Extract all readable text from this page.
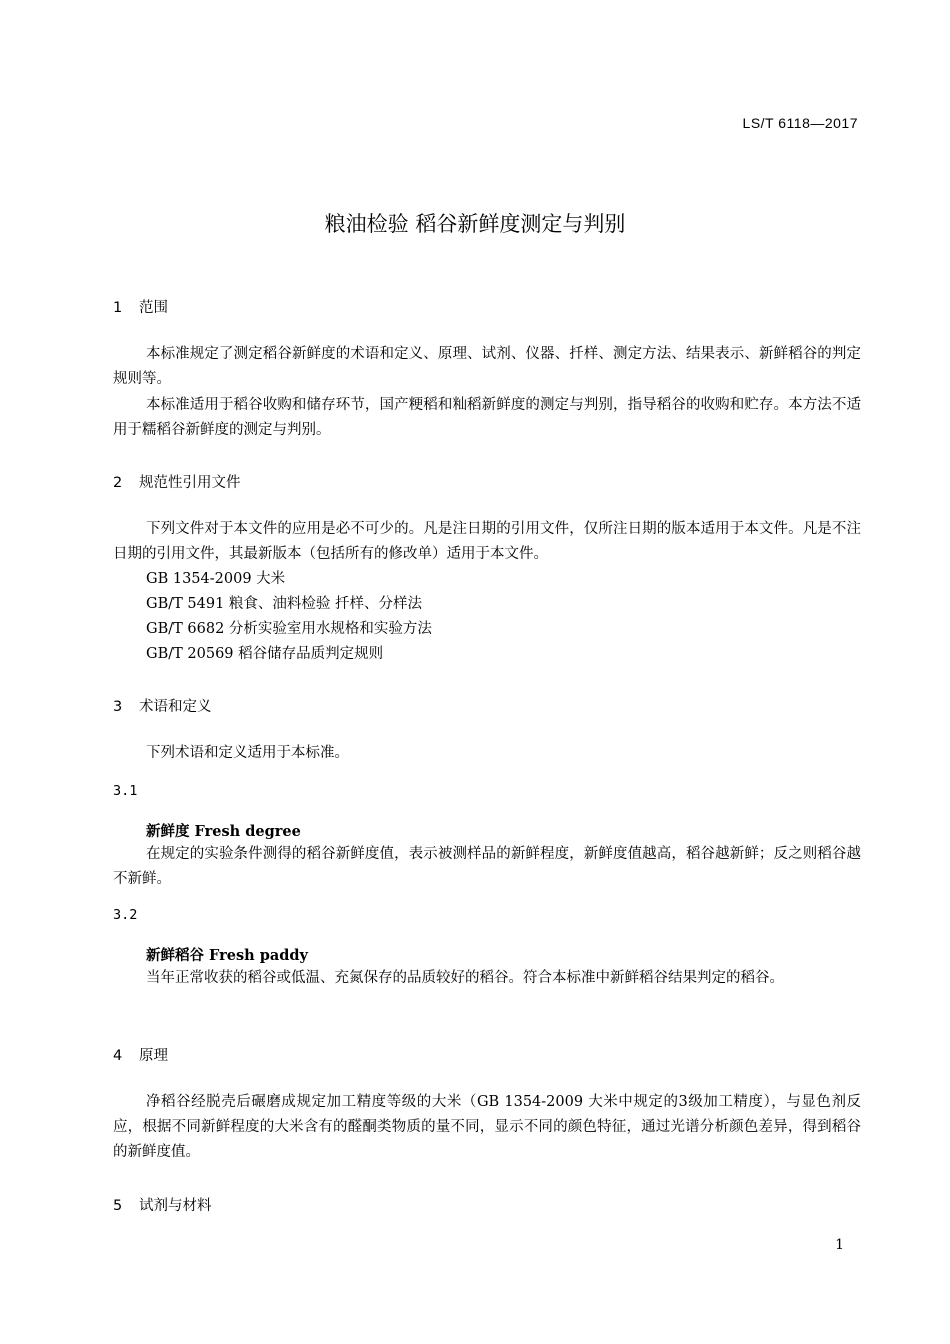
LS/T 6118—2017
粮油检验 稻谷新鲜度测定与判别
1 范围
本标准规定了测定稻谷新鲜度的术语和定义、原理、试剂、仪器、扦样、测定方法、结果表示、新鲜稻谷的判定规则等。
本标准适用于稻谷收购和储存环节，国产粳稻和籼稻新鲜度的测定与判别，指导稻谷的收购和贮存。本方法不适用于糯稻谷新鲜度的测定与判别。
2 规范性引用文件
下列文件对于本文件的应用是必不可少的。凡是注日期的引用文件，仅所注日期的版本适用于本文件。凡是不注日期的引用文件，其最新版本（包括所有的修改单）适用于本文件。
GB 1354-2009 大米
GB/T 5491 粮食、油料检验 扦样、分样法
GB/T 6682 分析实验室用水规格和实验方法
GB/T 20569 稻谷储存品质判定规则
3 术语和定义
下列术语和定义适用于本标准。
3.1
新鲜度 Fresh degree
在规定的实验条件测得的稻谷新鲜度值，表示被测样品的新鲜程度，新鲜度值越高，稻谷越新鲜；反之则稻谷越不新鲜。
3.2
新鲜稻谷 Fresh paddy
当年正常收获的稻谷或低温、充氮保存的品质较好的稻谷。符合本标准中新鲜稻谷结果判定的稻谷。
4 原理
净稻谷经脱壳后碾磨成规定加工精度等级的大米（GB 1354-2009 大米中规定的3级加工精度），与显色剂反应，根据不同新鲜程度的大米含有的醛酮类物质的量不同，显示不同的颜色特征，通过光谱分析颜色差异，得到稻谷的新鲜度值。
5 试剂与材料
1
